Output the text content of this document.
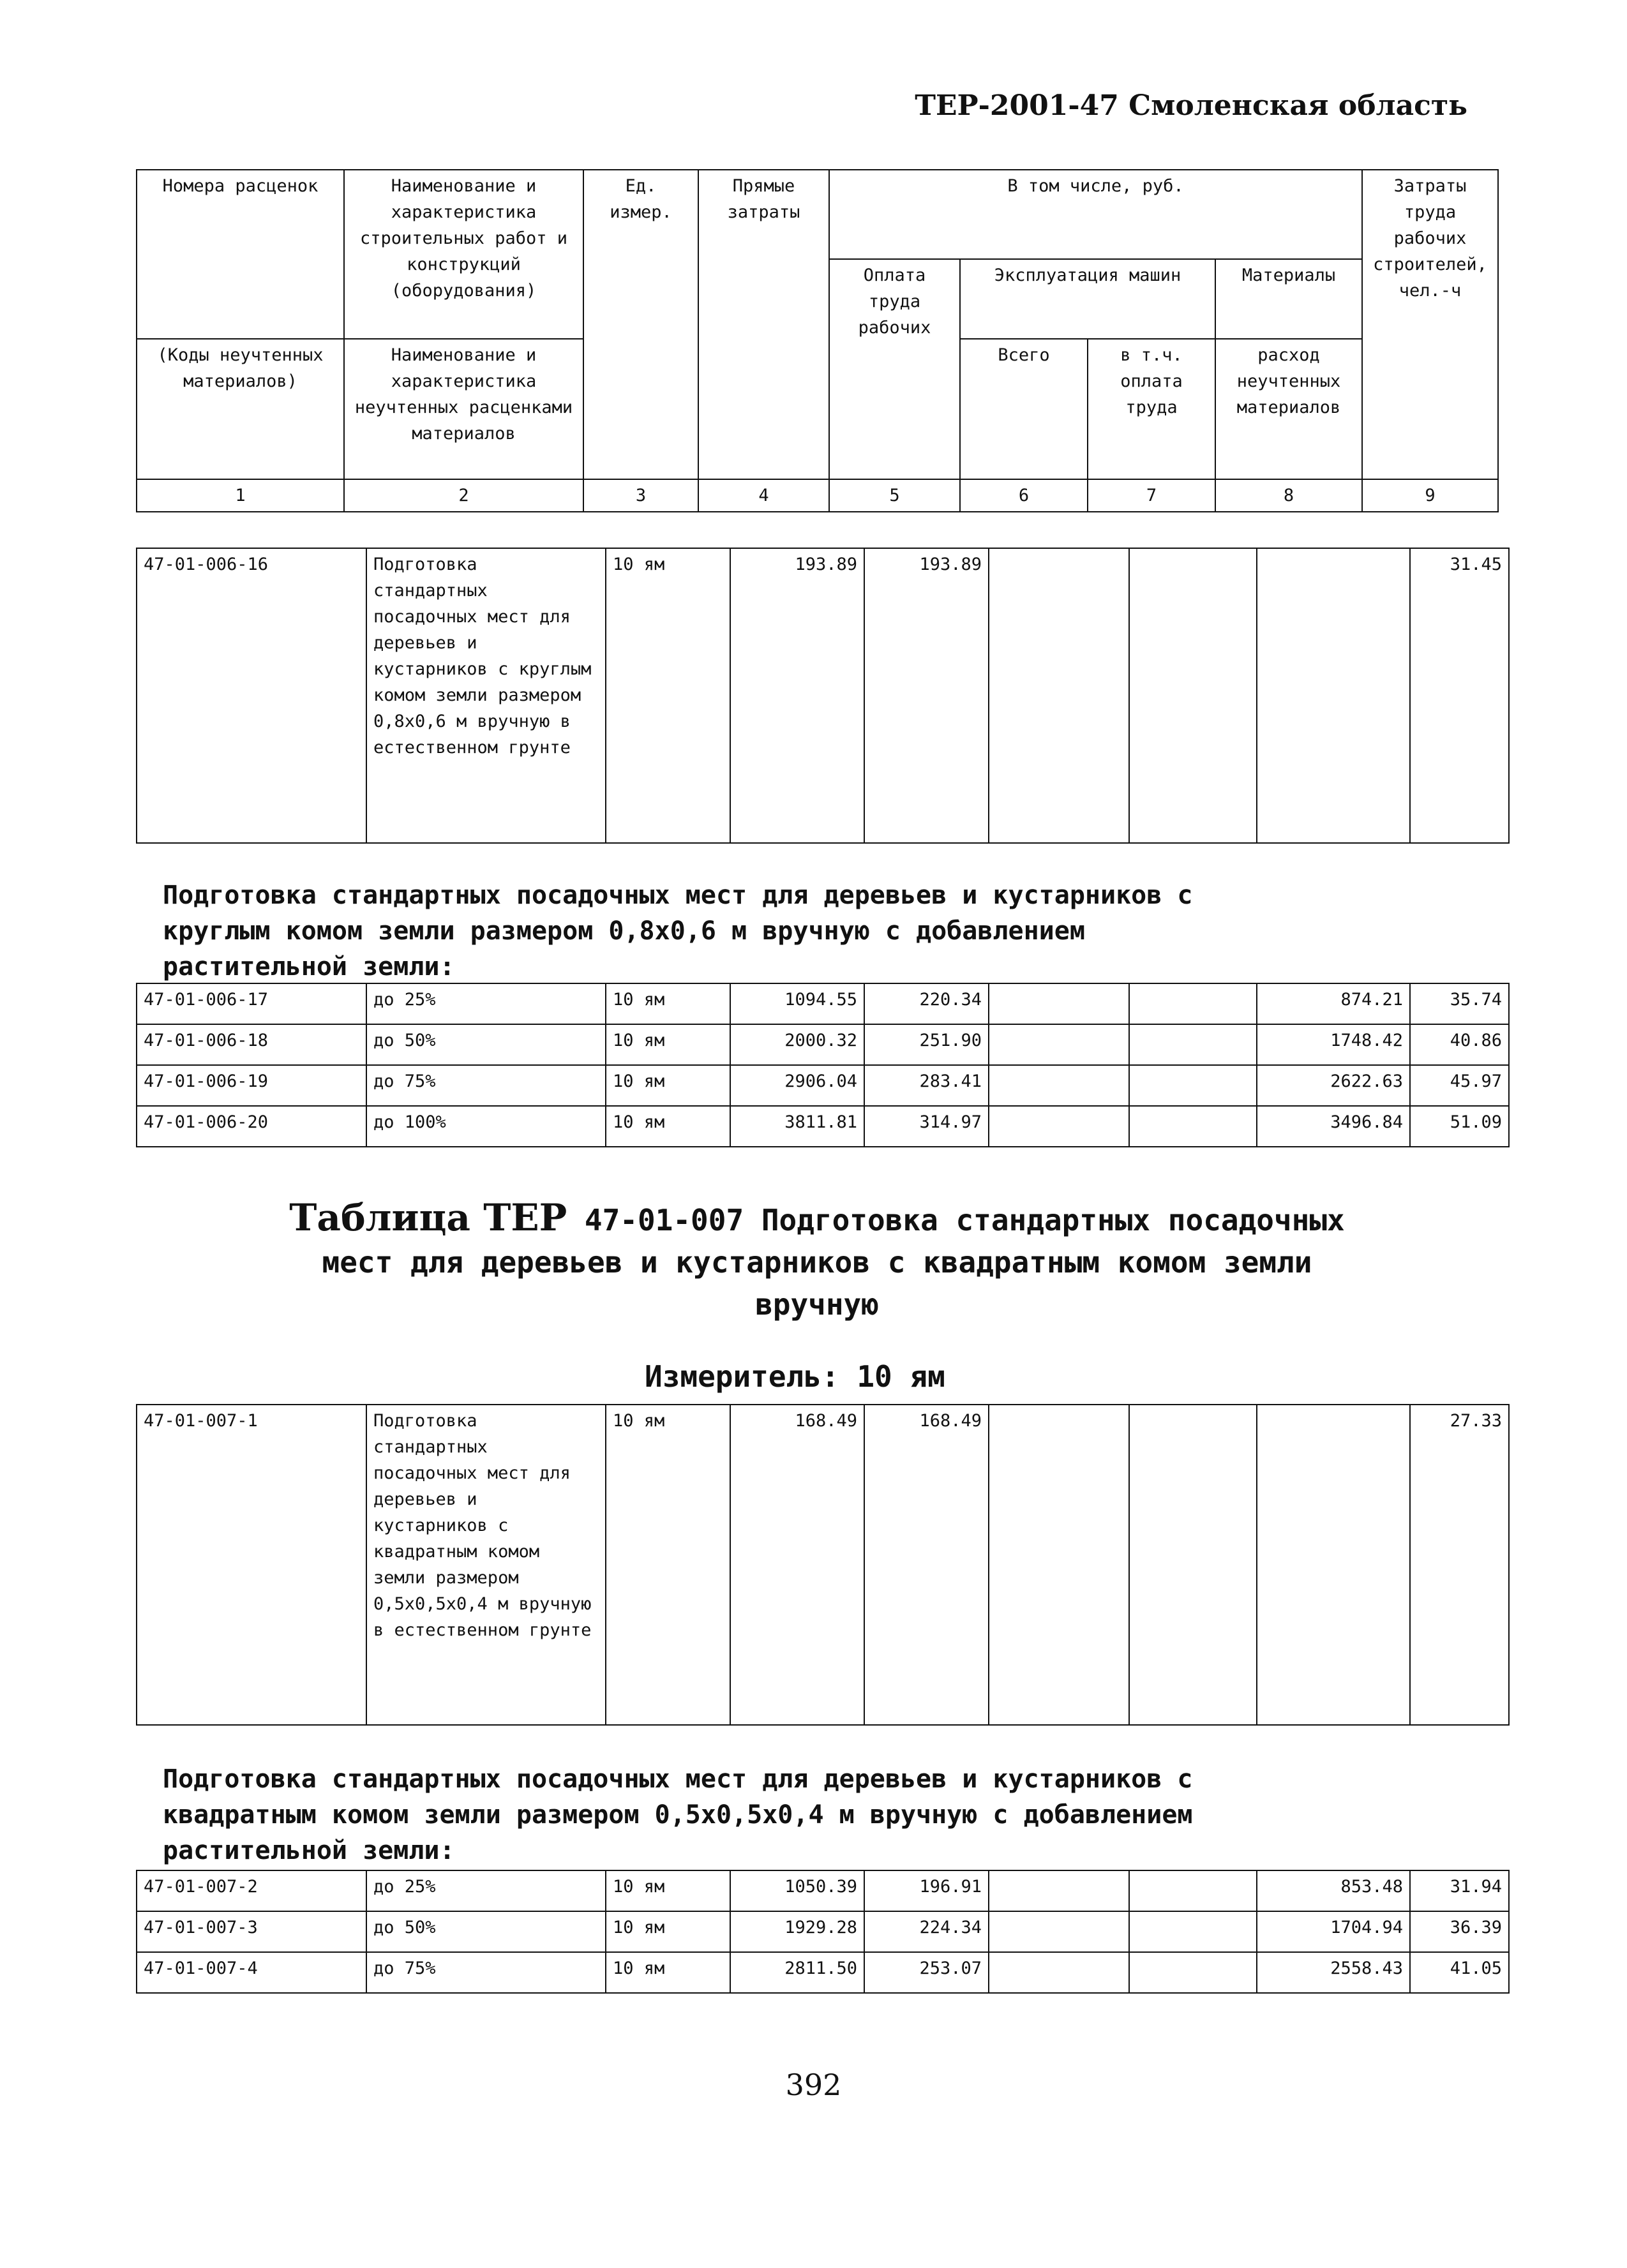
ТЕР-2001-47 Смоленская область
Номера расценок	Наименование и характеристика строительных работ и конструкций (оборудования)	Ед. измер.	Прямые затраты	В том числе, руб.				Затраты труда рабочих строителей, чел.-ч
				Оплата труда рабочих	Эксплуатация машин		Материалы	
(Коды неучтенных материалов)	Наименование и характеристика неучтенных расценками материалов				Всего	в т.ч. оплата труда	расход неучтенных материалов	
1	2	3	4	5	6	7	8	9
47-01-006-16	Подготовка стандартных посадочных мест для деревьев и кустарников с круглым комом земли размером 0,8х0,6 м вручную в естественном грунте	10 ям	193.89	193.89				31.45
Подготовка стандартных посадочных мест для деревьев и кустарников с
круглым комом земли размером 0,8х0,6 м вручную с добавлением
растительной земли:
47-01-006-17	до 25%	10 ям	1094.55	220.34			874.21	35.74
47-01-006-18	до 50%	10 ям	2000.32	251.90			1748.42	40.86
47-01-006-19	до 75%	10 ям	2906.04	283.41			2622.63	45.97
47-01-006-20	до 100%	10 ям	3811.81	314.97			3496.84	51.09
Таблица ТЕР 47-01-007 Подготовка стандартных посадочных
мест для деревьев и кустарников с квадратным комом земли
вручную
Измеритель: 10 ям
47-01-007-1	Подготовка стандартных посадочных мест для деревьев и кустарников с квадратным комом земли размером 0,5х0,5х0,4 м вручную в естественном грунте	10 ям	168.49	168.49				27.33
Подготовка стандартных посадочных мест для деревьев и кустарников с
квадратным комом земли размером 0,5х0,5х0,4 м вручную с добавлением
растительной земли:
47-01-007-2	до 25%	10 ям	1050.39	196.91			853.48	31.94
47-01-007-3	до 50%	10 ям	1929.28	224.34			1704.94	36.39
47-01-007-4	до 75%	10 ям	2811.50	253.07			2558.43	41.05
392
